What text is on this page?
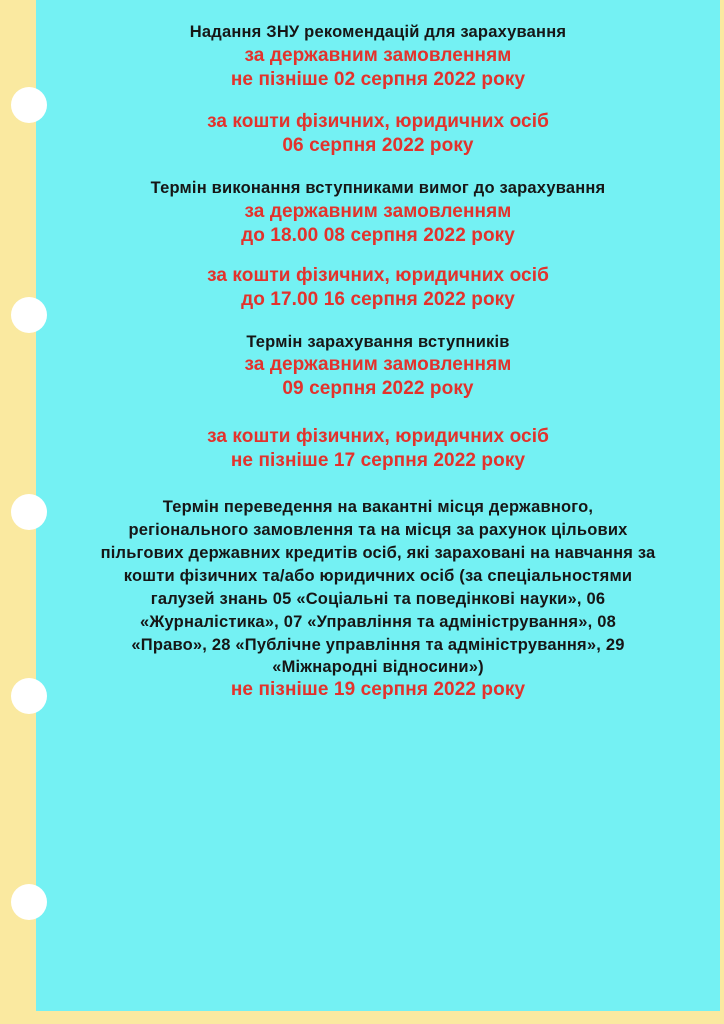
Надання ЗНУ рекомендацій для зарахування
за державним замовленням
не пізніше 02 серпня 2022 року
за кошти фізичних, юридичних осіб
06 серпня 2022 року
Термін виконання вступниками вимог до зарахування
за державним замовленням
до 18.00 08 серпня 2022 року
за кошти фізичних, юридичних осіб
до 17.00 16 серпня 2022 року
Термін зарахування вступників
за державним замовленням
09 серпня 2022 року
за кошти фізичних, юридичних осіб
не пізніше 17 серпня 2022 року
Термін переведення на вакантні місця державного,
регіонального замовлення та на місця за рахунок цільових
пільгових державних кредитів осіб, які зараховані на навчання за
кошти фізичних та/або юридичних осіб (за спеціальностями
галузей знань 05 «Соціальні та поведінкові науки», 06
«Журналістика», 07 «Управління та адміністрування», 08
«Право», 28 «Публічне управління та адміністрування», 29
«Міжнародні відносини»)
не пізніше 19 серпня 2022 року
